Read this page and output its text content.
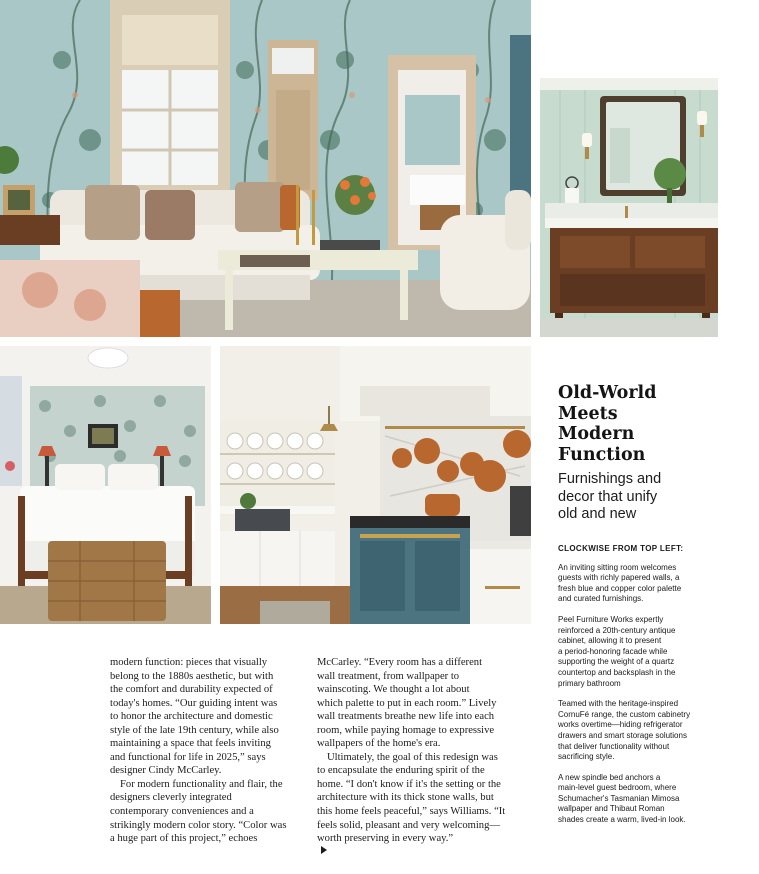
Old-World
Meets
Modern
Function

Furnishings and
decor that unify
old and new

CLOCKWISE FROM TOP LEFT:

An inviting sitting room welcomes
guests with richly papered walls, a
fresh blue and copper color palette
and curated furnishings.

Peel Furniture Works expertly
reinforced a 20th-century antique
cabinet, allowing it to present
a period-honoring facade while
supporting the weight of a quartz
countertop and backsplash in the
primary bathroom

Teamed with the heritage-inspired
CornuFé range, the custom cabinetry
works overtime—hiding refrigerator
drawers and smart storage solutions
that deliver functionality without
sacrificing style.

A new spindle bed anchors a
main-level guest bedroom, where
Schumacher's Tasmanian Mimosa
wallpaper and Thibaut Roman
shades create a warm, lived-in look.

modern function: pieces that visually
belong to the 1880s aesthetic, but with
the comfort and durability expected of
today's homes. “Our guiding intent was
to honor the architecture and domestic
style of the late 19th century, while also
maintaining a space that feels inviting
and functional for life in 2025,” says
designer Cindy McCarley.

For modern functionality and flair, the
designers cleverly integrated
contemporary conveniences and a
strikingly modern color story. “Color was
a huge part of this project,” echoes

McCarley. “Every room has a different
wall treatment, from wallpaper to
wainscoting. We thought a lot about
which palette to put in each room.” Lively
wall treatments breathe new life into each
room, while paying homage to expressive
wallpapers of the home's era.

Ultimately, the goal of this redesign was
to encapsulate the enduring spirit of the
home. “I don't know if it's the setting or the
architecture with its thick stone walls, but
this home feels peaceful,” says Williams. “It
feels solid, pleasant and very welcoming—
worth preserving in every way.”
